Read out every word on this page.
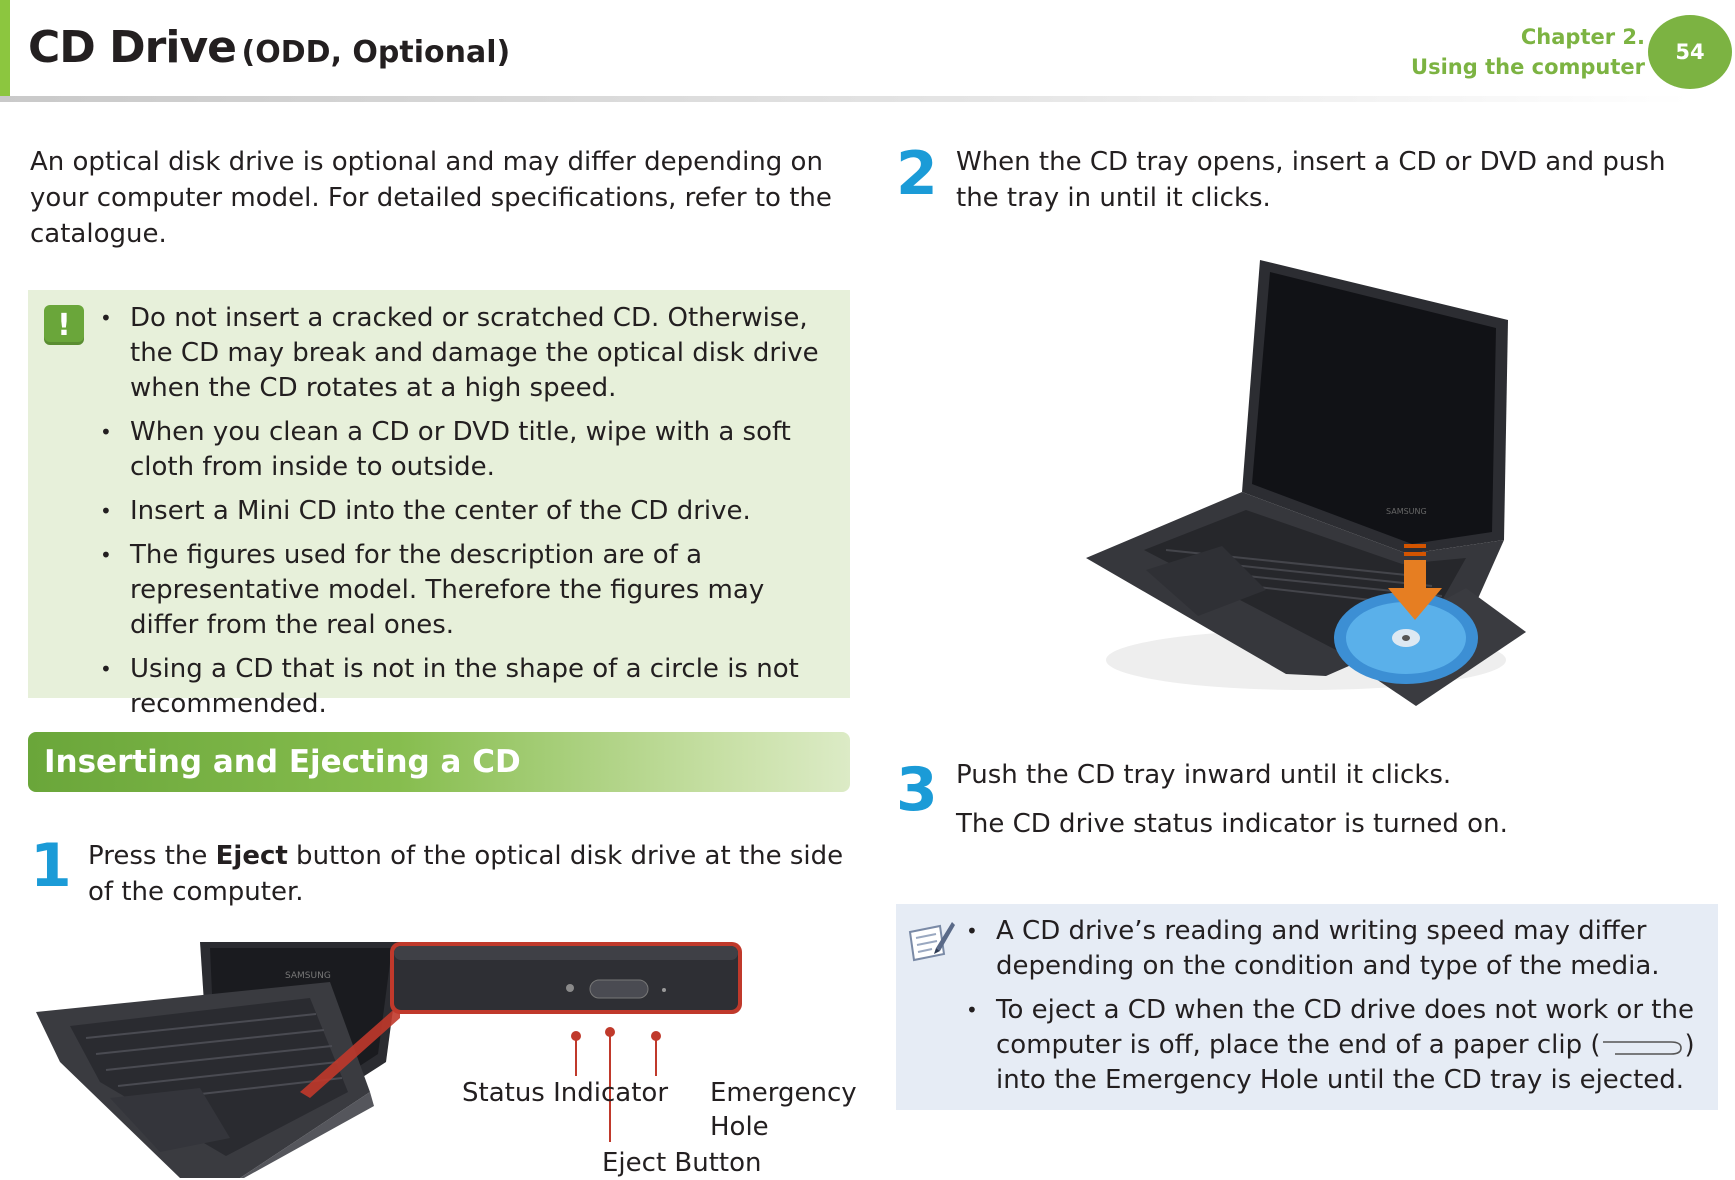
CD Drive (ODD, Optional)	Chapter 2.
Using the computer
54
An optical disk drive is optional and may differ depending on
your computer model. For detailed specifications, refer to the
catalogue.
!
•	Do not insert a cracked or scratched CD. Otherwise, the CD may break and damage the optical disk drive when the CD rotates at a high speed.
• When you clean a CD or DVD title, wipe with a soft cloth from inside to outside.
• Insert a Mini CD into the center of the CD drive.
• The figures used for the description are of a representative model. Therefore the figures may differ from the real ones.
• Using a CD that is not in the shape of a circle is not recommended.
Inserting and Ejecting a CD
1 Press the Eject button of the optical disk drive at the side of the computer.
SAMSUNG
Status Indicator Emergency
Hole
Eject Button
2 When the CD tray opens, insert a CD or DVD and push the tray in until it clicks.
SAMSUNG
3 Push the CD tray inward until it clicks.
The CD drive status indicator is turned on.
• A CD drive’s reading and writing speed may differ depending on the condition and type of the media.
• To eject a CD when the CD drive does not work or the computer is off, place the end of a paper clip (	) into the Emergency Hole until the CD tray is ejected.
